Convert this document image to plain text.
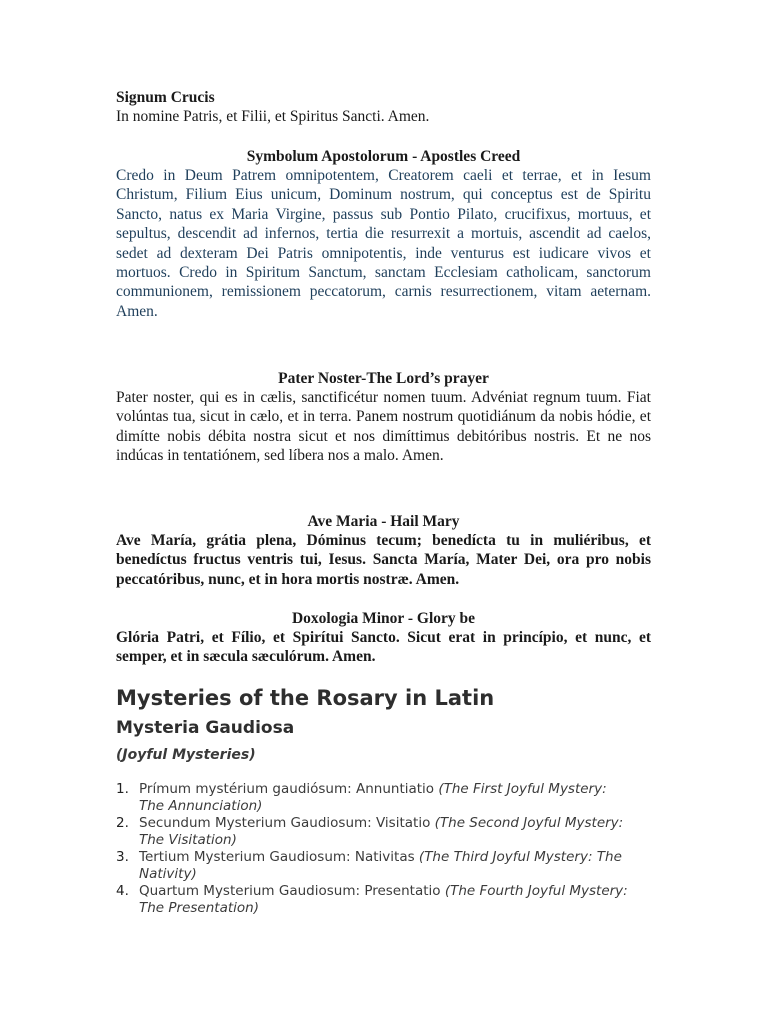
Signum Crucis

In nomine Patris, et Filii, et Spiritus Sancti. Amen.

Symbolum Apostolorum - Apostles Creed

Credo in Deum Patrem omnipotentem, Creatorem caeli et terrae, et in Iesum Christum, Filium Eius unicum, Dominum nostrum, qui conceptus est de Spiritu Sancto, natus ex Maria Virgine, passus sub Pontio Pilato, crucifixus, mortuus, et sepultus, descendit ad infernos, tertia die resurrexit a mortuis, ascendit ad caelos, sedet ad dexteram Dei Patris omnipotentis, inde venturus est iudicare vivos et mortuos. Credo in Spiritum Sanctum, sanctam Ecclesiam catholicam, sanctorum communionem, remissionem peccatorum, carnis resurrectionem, vitam aeternam. Amen.

Pater Noster-The Lord’s prayer

Pater noster, qui es in cælis, sanctificétur nomen tuum. Advéniat regnum tuum. Fiat volúntas tua, sicut in cælo, et in terra. Panem nostrum quotidiánum da nobis hódie, et dimítte nobis débita nostra sicut et nos dimíttimus debitóribus nostris. Et ne nos indúcas in tentatiónem, sed líbera nos a malo. Amen.

Ave Maria - Hail Mary

Ave María, grátia plena, Dóminus tecum; benedícta tu in muliéribus, et benedíctus fructus ventris tui, Iesus. Sancta María, Mater Dei, ora pro nobis peccatóribus, nunc, et in hora mortis nostræ. Amen.

Doxologia Minor - Glory be

Glória Patri, et Fílio, et Spirítui Sancto. Sicut erat in princípio, et nunc, et semper, et in sæcula sæculórum. Amen.

Mysteries of the Rosary in Latin

Mysteria Gaudiosa

(Joyful Mysteries)

1. Prímum mystérium gaudiósum: Annuntiatio (The First Joyful Mystery: The Annunciation)
2. Secundum Mysterium Gaudiosum: Visitatio (The Second Joyful Mystery: The Visitation)
3. Tertium Mysterium Gaudiosum: Nativitas (The Third Joyful Mystery: The Nativity)
4. Quartum Mysterium Gaudiosum: Presentatio (The Fourth Joyful Mystery: The Presentation)
